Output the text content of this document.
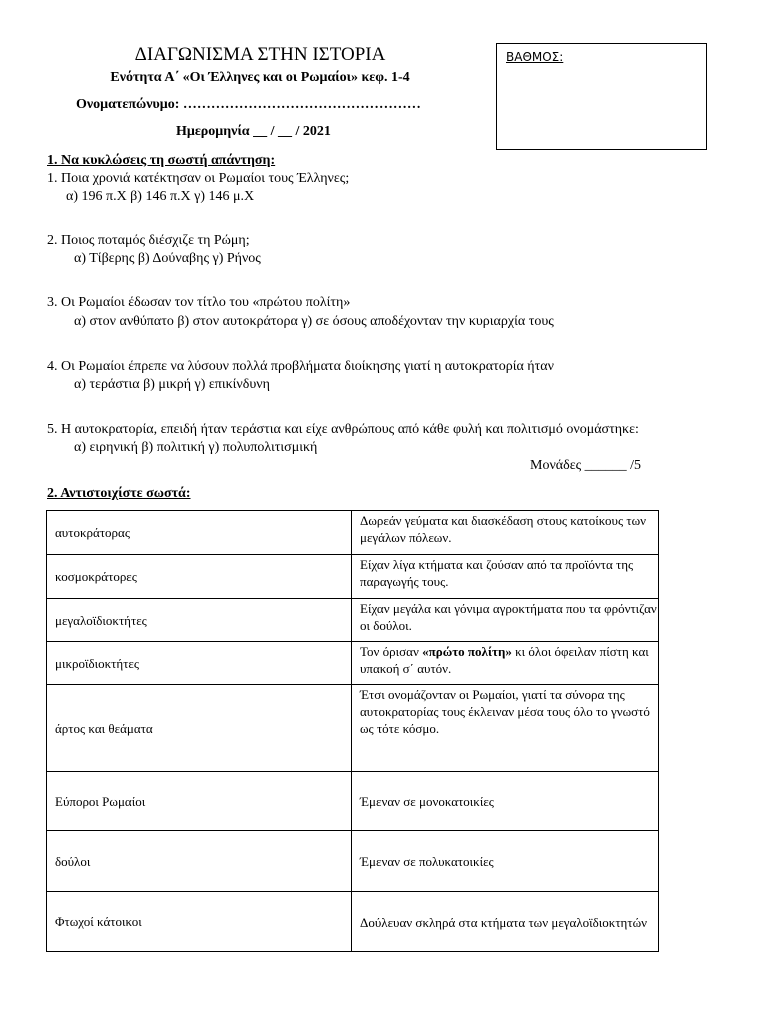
ΔΙΑΓΩΝΙΣΜΑ ΣΤΗΝ ΙΣΤΟΡΙΑ
Ενότητα Α΄ «Οι Έλληνες και οι Ρωμαίοι» κεφ. 1-4
Ονοματεπώνυμο: ……………………………………………
Ημερομηνία __ / __ / 2021
ΒΑΘΜΟΣ:
1. Να κυκλώσεις τη σωστή απάντηση:
1. Ποια χρονιά κατέκτησαν οι Ρωμαίοι τους Έλληνες;
α) 196 π.Χ β) 146 π.Χ γ) 146 μ.Χ
2. Ποιος ποταμός διέσχιζε τη Ρώμη;
α) Τίβερης β) Δούναβης γ) Ρήνος
3. Οι Ρωμαίοι έδωσαν τον τίτλο του «πρώτου πολίτη»
α) στον ανθύπατο β) στον αυτοκράτορα γ) σε όσους αποδέχονταν την κυριαρχία τους
4. Οι Ρωμαίοι έπρεπε να λύσουν πολλά προβλήματα διοίκησης γιατί η αυτοκρατορία ήταν
α) τεράστια β) μικρή γ) επικίνδυνη
5. Η αυτοκρατορία, επειδή ήταν τεράστια και είχε ανθρώπους από κάθε φυλή και πολιτισμό ονομάστηκε:
α) ειρηνική β) πολιτική γ) πολυπολιτισμική
Μονάδες ______ /5
2. Αντιστοιχίστε σωστά:
αυτοκράτορας	Δωρεάν γεύματα και διασκέδαση στους κατοίκους των μεγάλων πόλεων.
κοσμοκράτορες	Είχαν λίγα κτήματα και ζούσαν από τα προϊόντα της παραγωγής τους.
μεγαλοϊδιοκτήτες	Είχαν μεγάλα και γόνιμα αγροκτήματα που τα φρόντιζαν οι δούλοι.
μικροϊδιοκτήτες	Τον όρισαν «πρώτο πολίτη» κι όλοι όφειλαν πίστη και υπακοή σ΄ αυτόν.
άρτος και θεάματα	Έτσι ονομάζονταν οι Ρωμαίοι, γιατί τα σύνορα της αυτοκρατορίας τους έκλειναν μέσα τους όλο το γνωστό ως τότε κόσμο.
Εύποροι Ρωμαίοι	Έμεναν σε μονοκατοικίες
δούλοι	Έμεναν σε πολυκατοικίες
Φτωχοί κάτοικοι	Δούλευαν σκληρά στα κτήματα των μεγαλοϊδιοκτητών
